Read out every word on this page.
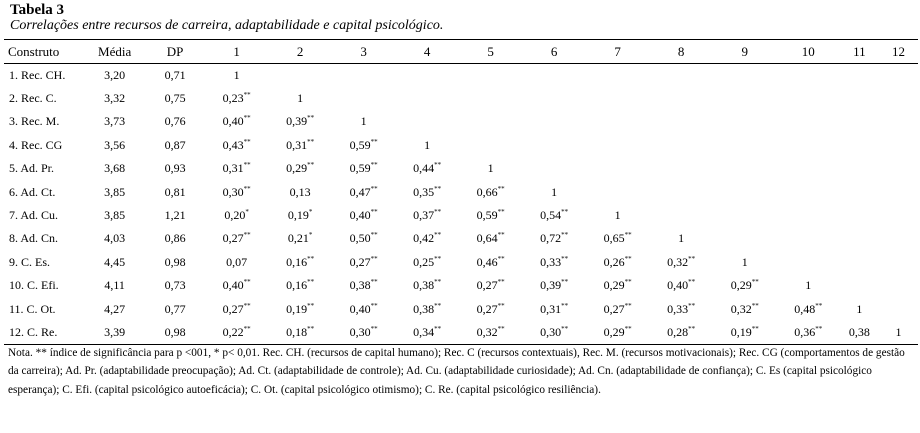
Tabela 3
Correlações entre recursos de carreira, adaptabilidade e capital psicológico.
Construto	Média	DP	1	2	3	4	5	6	7	8	9	10	11	12
1. Rec. CH.	3,20	0,71	1											
2. Rec. C.	3,32	0,75	0,23**	1										
3. Rec. M.	3,73	0,76	0,40**	0,39**	1									
4. Rec. CG	3,56	0,87	0,43**	0,31**	0,59**	1								
5. Ad. Pr.	3,68	0,93	0,31**	0,29**	0,59**	0,44**	1							
6. Ad. Ct.	3,85	0,81	0,30**	0,13	0,47**	0,35**	0,66**	1						
7. Ad. Cu.	3,85	1,21	0,20*	0,19*	0,40**	0,37**	0,59**	0,54**	1					
8. Ad. Cn.	4,03	0,86	0,27**	0,21*	0,50**	0,42**	0,64**	0,72**	0,65**	1				
9. C. Es.	4,45	0,98	0,07	0,16**	0,27**	0,25**	0,46**	0,33**	0,26**	0,32**	1			
10. C. Efi.	4,11	0,73	0,40**	0,16**	0,38**	0,38**	0,27**	0,39**	0,29**	0,40**	0,29**	1		
11. C. Ot.	4,27	0,77	0,27**	0,19**	0,40**	0,38**	0,27**	0,31**	0,27**	0,33**	0,32**	0,48**	1	
12. C. Re.	3,39	0,98	0,22**	0,18**	0,30**	0,34**	0,32**	0,30**	0,29**	0,28**	0,19**	0,36**	0,38	1
Nota. ** índice de significância para p <001, * p< 0,01. Rec. CH. (recursos de capital humano); Rec. C (recursos contextuais), Rec. M. (recursos motivacionais); Rec. CG (comportamentos de gestão da carreira); Ad. Pr. (adaptabilidade preocupação); Ad. Ct. (adaptabilidade de controle); Ad. Cu. (adaptabilidade curiosidade); Ad. Cn. (adaptabilidade de confiança); C. Es (capital psicológico esperança); C. Efi. (capital psicológico autoeficácia); C. Ot. (capital psicológico otimismo); C. Re. (capital psicológico resiliência).
